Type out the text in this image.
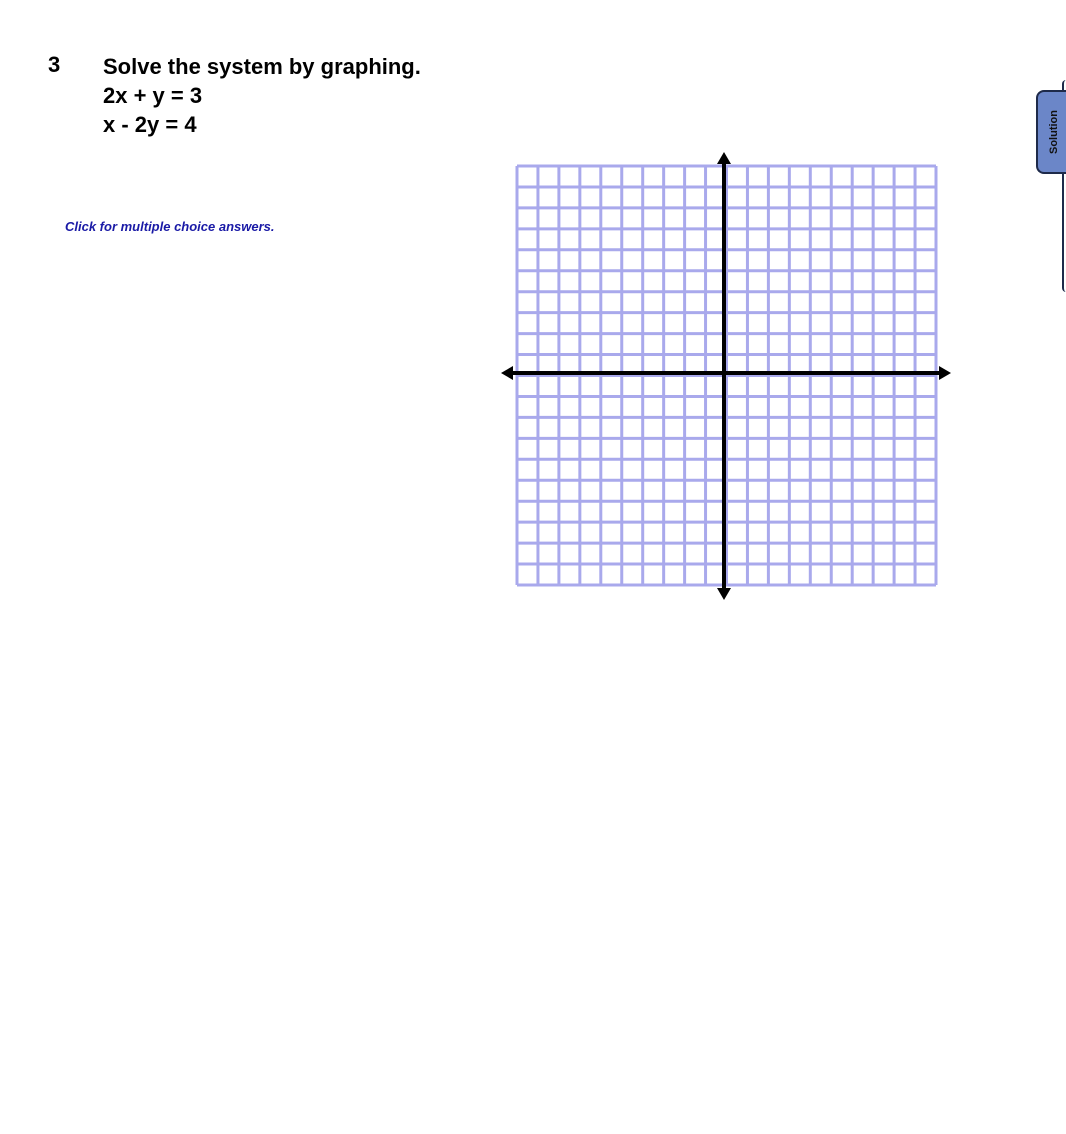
3 Solve the system by graphing.
2x + y = 3
x - 2y = 4
Click for multiple choice answers.
Solution
